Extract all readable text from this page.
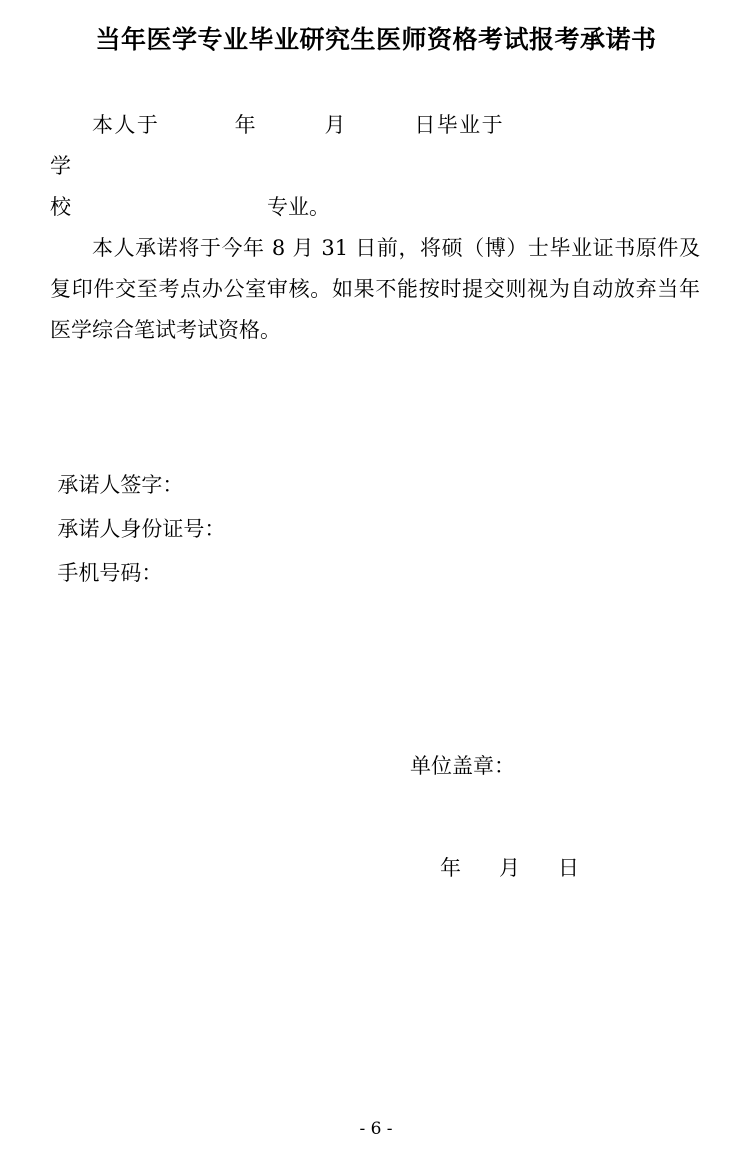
当年医学专业毕业研究生医师资格考试报考承诺书

本人于	年	月	日毕业于学

校	专业。

本人承诺将于今年 8 月 31 日前，将硕（博）士毕业证书原件及复印件交至考点办公室审核。如果不能按时提交则视为自动放弃当年医学综合笔试考试资格。

承诺人签字：

承诺人身份证号：

手机号码：

单位盖章：

年 月 日

- 6 -
